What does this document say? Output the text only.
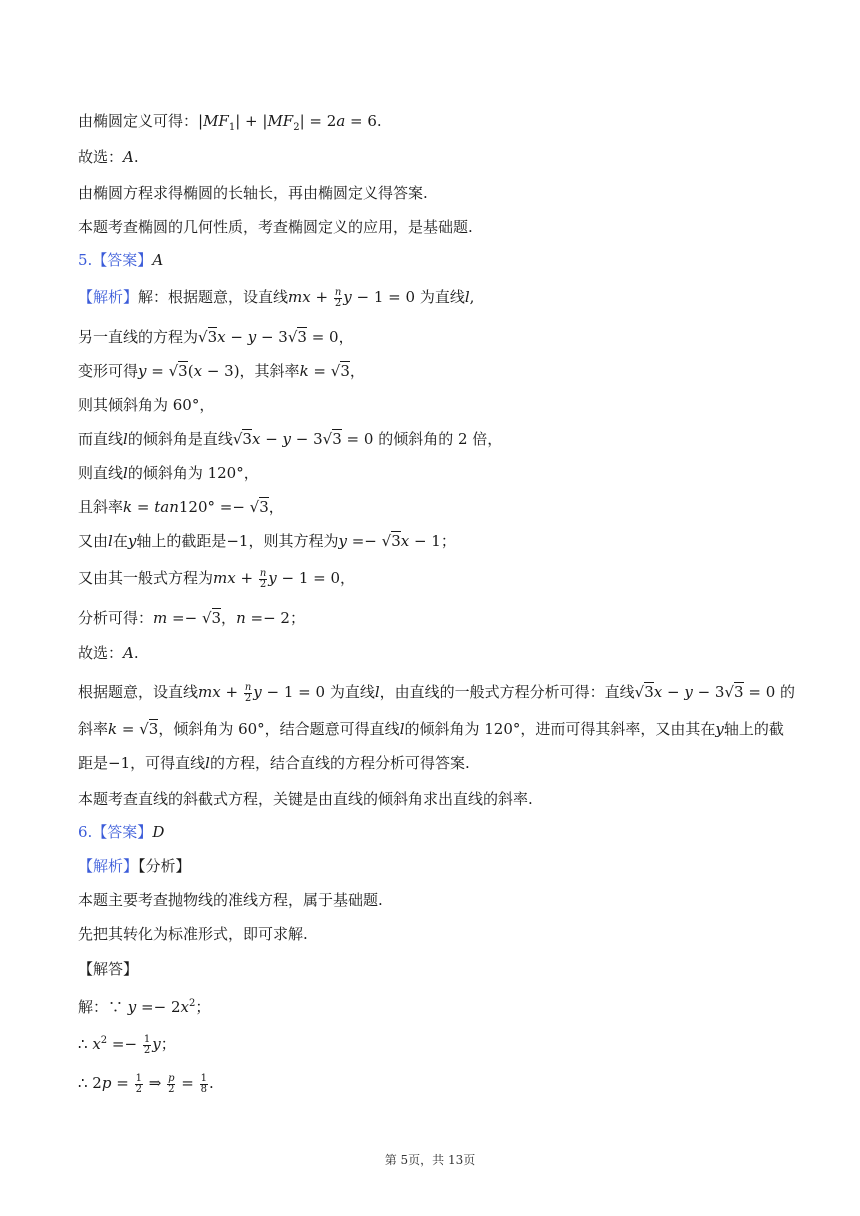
由椭圆定义可得：$|MF_1| + |MF_2| = 2a = 6$.
故选：A.
由椭圆方程求得椭圆的长轴长，再由椭圆定义得答案.
本题考查椭圆的几何性质，考查椭圆定义的应用，是基础题.
5.【答案】A
【解析】解：根据题意，设直线mx + $\frac{n}{2}$ y − 1 = 0 为直线l,
另一直线的方程为√3x − y − 3√3 = 0，
变形可得y = √3(x − 3)，其斜率k = √3，
则其倾斜角为 60°，
而直线l的倾斜角是直线√3x − y − 3√3 = 0 的倾斜角的 2 倍，
则直线l的倾斜角为 120°，
且斜率k = tan120° =− √3，
又由l在y轴上的截距是−1，则其方程为y =− √3x − 1；
又由其一般式方程为mx + $\frac{n}{2}$ y − 1 = 0，
分析可得：m =− √3，n =− 2；
故选：A.
根据题意，设直线mx + $\frac{n}{2}$ y − 1 = 0 为直线l，由直线的一般式方程分析可得：直线√3x − y − 3√3 = 0 的
斜率k = √3，倾斜角为 60°，结合题意可得直线l的倾斜角为 120°，进而可得其斜率，又由其在y轴上的截
距是−1，可得直线l的方程，结合直线的方程分析可得答案.
本题考查直线的斜截式方程，关键是由直线的倾斜角求出直线的斜率.
6.【答案】D
【解析】【分析】
本题主要考查抛物线的准线方程，属于基础题.
先把其转化为标准形式，即可求解.
【解答】
解：∵ $y =- 2x^2$；
∴ $x^2 =- \frac{1}{2}$ y；
∴ $2p = \frac{1}{2}$ ⇒ $\frac{p}{2} = \frac{1}{8}$ .
第 5页，共 13页
